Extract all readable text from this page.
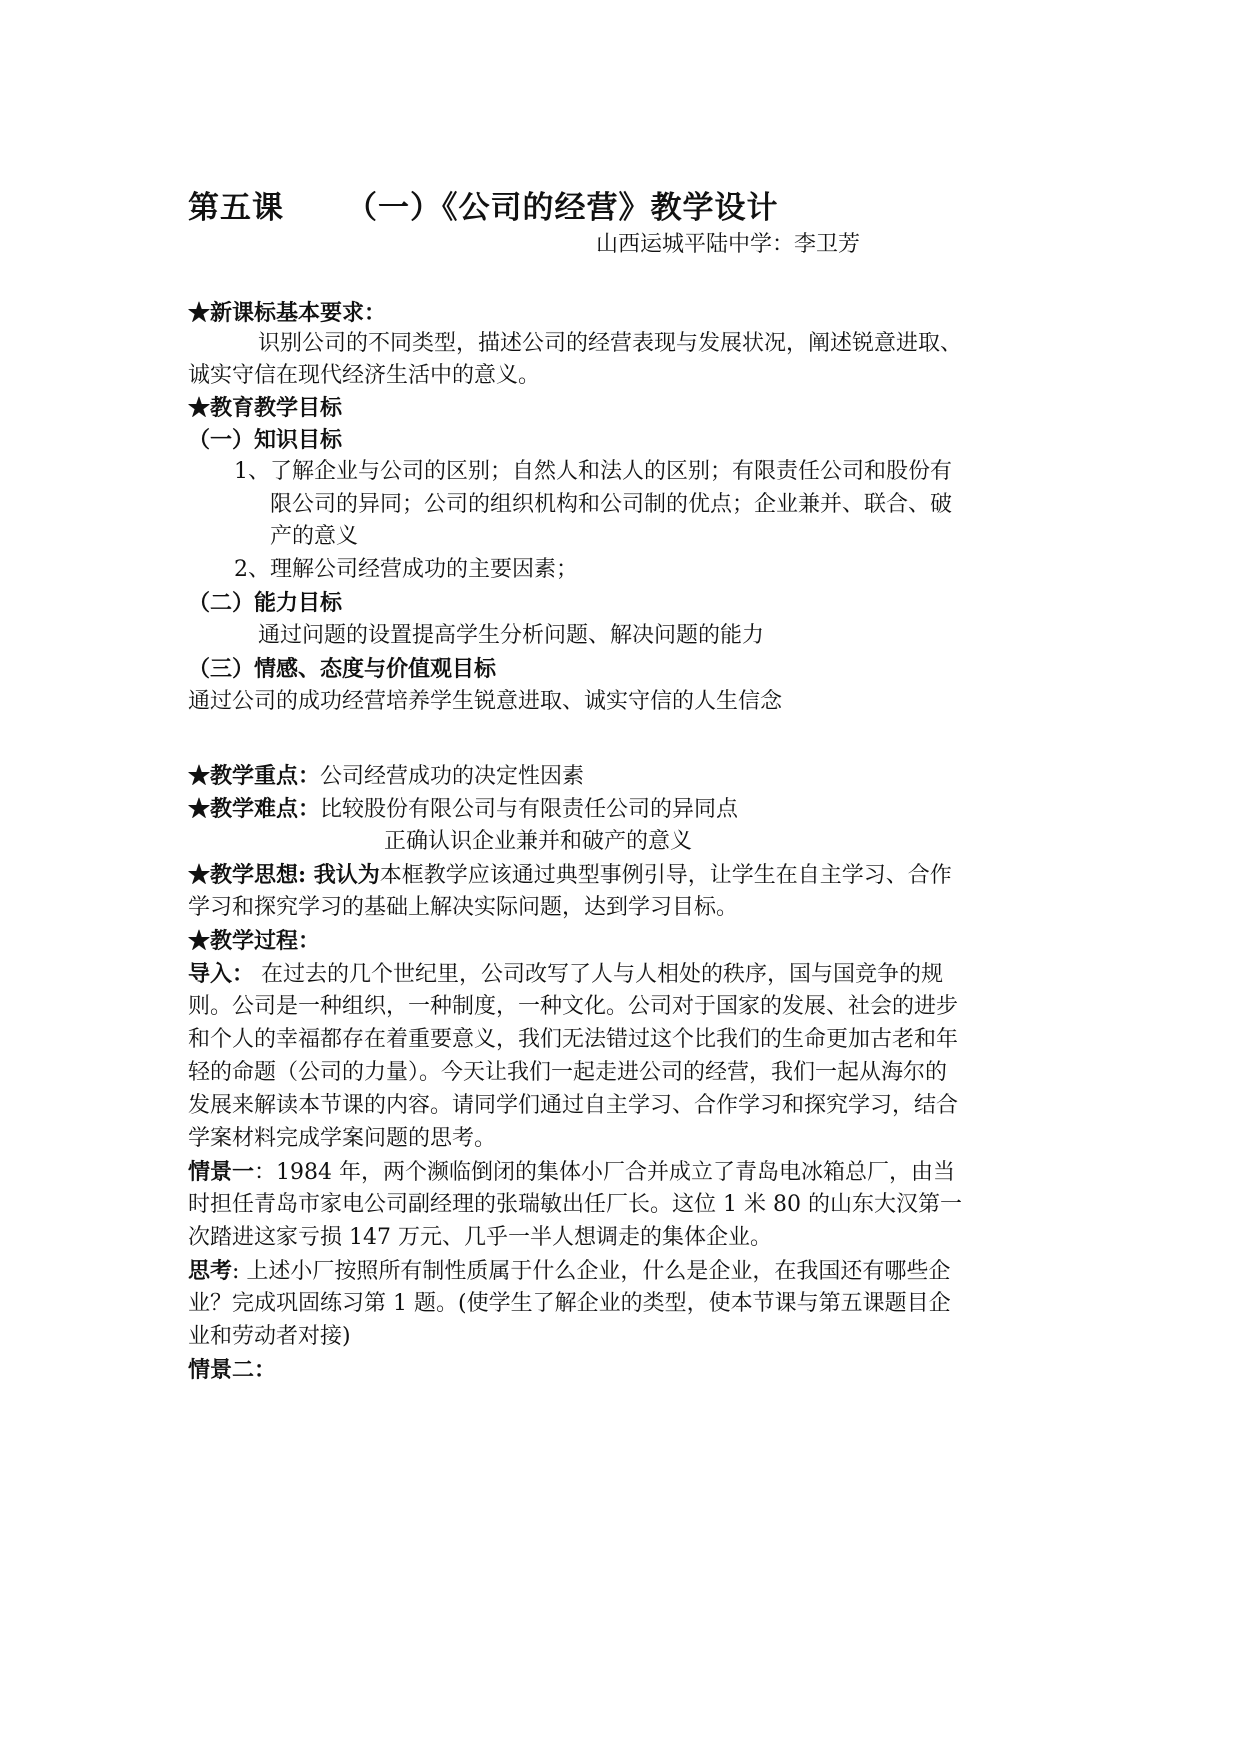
第五课 （一）《公司的经营》教学设计
山西运城平陆中学：李卫芳
★新课标基本要求：
识别公司的不同类型，描述公司的经营表现与发展状况，阐述锐意进取、
诚实守信在现代经济生活中的意义。
★教育教学目标
（一）知识目标
1、了解企业与公司的区别；自然人和法人的区别；有限责任公司和股份有
限公司的异同；公司的组织机构和公司制的优点；企业兼并、联合、破
产的意义
2、理解公司经营成功的主要因素；
（二）能力目标
通过问题的设置提高学生分析问题、解决问题的能力
（三）情感、态度与价值观目标
通过公司的成功经营培养学生锐意进取、诚实守信的人生信念
★教学重点：公司经营成功的决定性因素
★教学难点：比较股份有限公司与有限责任公司的异同点
正确认识企业兼并和破产的意义
★教学思想: 我认为本框教学应该通过典型事例引导，让学生在自主学习、合作
学习和探究学习的基础上解决实际问题，达到学习目标。
★教学过程：
导入： 在过去的几个世纪里，公司改写了人与人相处的秩序，国与国竞争的规
则。公司是一种组织，一种制度，一种文化。公司对于国家的发展、社会的进步
和个人的幸福都存在着重要意义，我们无法错过这个比我们的生命更加古老和年
轻的命题（公司的力量）。今天让我们一起走进公司的经营，我们一起从海尔的
发展来解读本节课的内容。请同学们通过自主学习、合作学习和探究学习，结合
学案材料完成学案问题的思考。
情景一：1984 年，两个濒临倒闭的集体小厂合并成立了青岛电冰箱总厂，由当
时担任青岛市家电公司副经理的张瑞敏出任厂长。这位 1 米 80 的山东大汉第一
次踏进这家亏损 147 万元、几乎一半人想调走的集体企业。
思考: 上述小厂按照所有制性质属于什么企业，什么是企业，在我国还有哪些企
业？完成巩固练习第 1 题。(使学生了解企业的类型，使本节课与第五课题目企
业和劳动者对接)
情景二：
